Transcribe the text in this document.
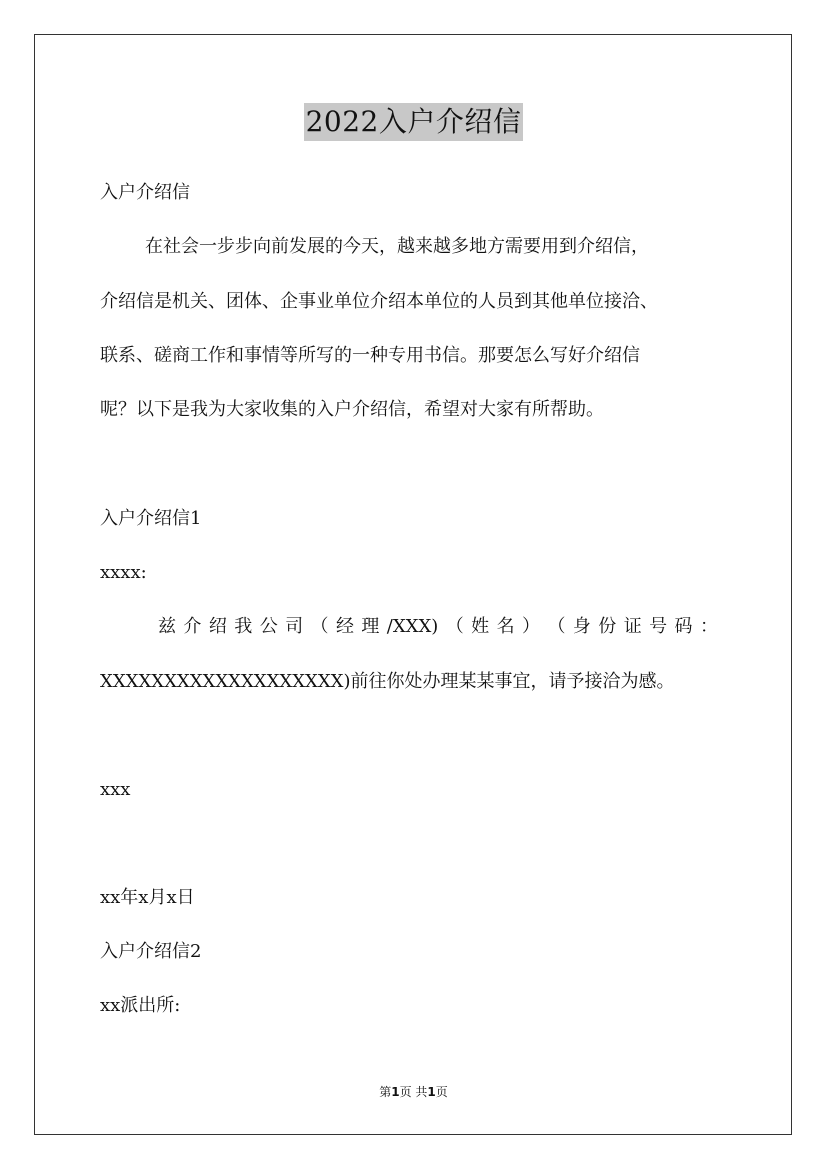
2022入户介绍信
入户介绍信
在社会一步步向前发展的今天，越来越多地方需要用到介绍信，
介绍信是机关、团体、企事业单位介绍本单位的人员到其他单位接洽、
联系、磋商工作和事情等所写的一种专用书信。那要怎么写好介绍信
呢？以下是我为大家收集的入户介绍信，希望对大家有所帮助。
入户介绍信1
xxxx:
兹 介 绍 我 公 司 （ 经 理 /XXX) （ 姓 名 ） （ 身 份 证 号 码 ：
XXXXXXXXXXXXXXXXXXX)前往你处办理某某事宜，请予接洽为感。
xxx
xx年x月x日
入户介绍信2
xx派出所:
第1页 共1页
